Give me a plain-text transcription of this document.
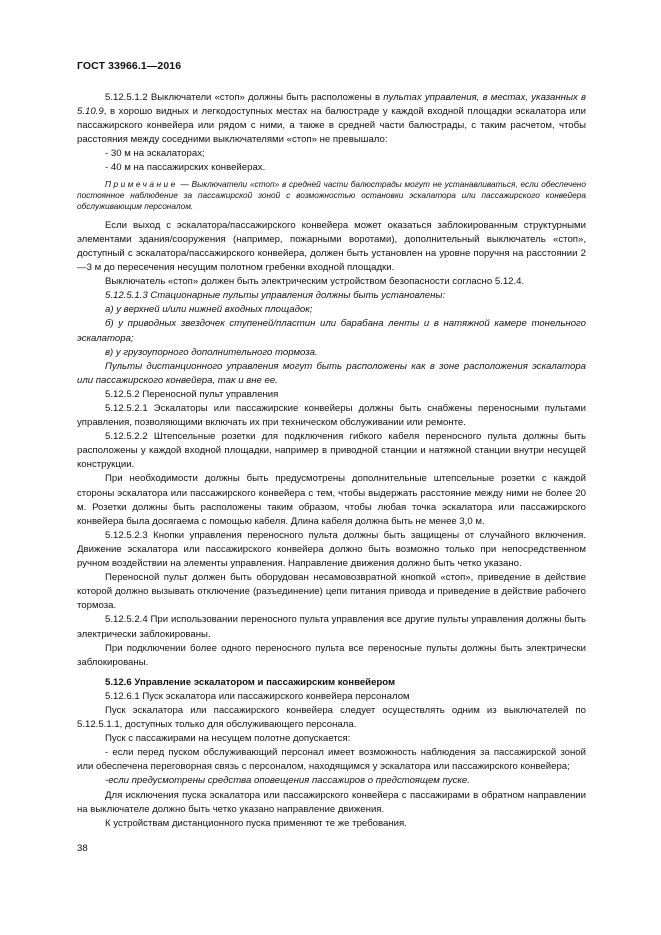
ГОСТ 33966.1—2016

5.12.5.1.2 Выключатели «стоп» должны быть расположены в пультах управления, в местах, указанных в 5.10.9, в хорошо видных и легкодоступных местах на балюстраде у каждой входной площадки эскалатора или пассажирского конвейера или рядом с ними, а также в средней части балюстрады, с таким расчетом, чтобы расстояния между соседними выключателями «стоп» не превышало:

- 30 м на эскалаторах;

- 40 м на пассажирских конвейерах.

Примечание — Выключатели «стоп» в средней части балюстрады могут не устанавливаться, если обеспечено постоянное наблюдение за пассажирской зоной с возможностью остановки эскалатора или пассажирского конвейера обслуживающим персоналом.

Если выход с эскалатора/пассажирского конвейера может оказаться заблокированным структурными элементами здания/сооружения (например, пожарными воротами), дополнительный выключатель «стоп», доступный с эскалатора/пассажирского конвейера, должен быть установлен на уровне поручня на расстоянии 2—3 м до пересечения несущим полотном гребенки входной площадки.

Выключатель «стоп» должен быть электрическим устройством безопасности согласно 5.12.4.

5.12.5.1.3 Стационарные пульты управления должны быть установлены:

а) у верхней и/или нижней входных площадок;

б) у приводных звездочек ступеней/пластин или барабана ленты и в натяжной камере тонельного эскалатора;

в) у грузоупорного дополнительного тормоза.

Пульты дистанционного управления могут быть расположены как в зоне расположения эскалатора или пассажирского конвейера, так и вне ее.

5.12.5.2 Переносной пульт управления

5.12.5.2.1 Эскалаторы или пассажирские конвейеры должны быть снабжены переносными пультами управления, позволяющими включать их при техническом обслуживании или ремонте.

5.12.5.2.2 Штепсельные розетки для подключения гибкого кабеля переносного пульта должны быть расположены у каждой входной площадки, например в приводной станции и натяжной станции внутри несущей конструкции.

При необходимости должны быть предусмотрены дополнительные штепсельные розетки с каждой стороны эскалатора или пассажирского конвейера с тем, чтобы выдержать расстояние между ними не более 20 м. Розетки должны быть расположены таким образом, чтобы любая точка эскалатора или пассажирского конвейера была досягаема с помощью кабеля. Длина кабеля должна быть не менее 3,0 м.

5.12.5.2.3 Кнопки управления переносного пульта должны быть защищены от случайного включения. Движение эскалатора или пассажирского конвейера должно быть возможно только при непосредственном ручном воздействии на элементы управления. Направление движения должно быть четко указано.

Переносной пульт должен быть оборудован несамовозвратной кнопкой «стоп», приведение в действие которой должно вызывать отключение (разъединение) цепи питания привода и приведение в действие рабочего тормоза.

5.12.5.2.4 При использовании переносного пульта управления все другие пульты управления должны быть электрически заблокированы.

При подключении более одного переносного пульта все переносные пульты должны быть электрически заблокированы.

5.12.6 Управление эскалатором и пассажирским конвейером

5.12.6.1 Пуск эскалатора или пассажирского конвейера персоналом

Пуск эскалатора или пассажирского конвейера следует осуществлять одним из выключателей по 5.12.5.1.1, доступных только для обслуживающего персонала.

Пуск с пассажирами на несущем полотне допускается:

- если перед пуском обслуживающий персонал имеет возможность наблюдения за пассажирской зоной или обеспечена переговорная связь с персоналом, находящимся у эскалатора или пассажирского конвейера;

-если предусмотрены средства оповещения пассажиров о предстоящем пуске.

Для исключения пуска эскалатора или пассажирского конвейера с пассажирами в обратном направлении на выключателе должно быть четко указано направление движения.

К устройствам дистанционного пуска применяют те же требования.

38
